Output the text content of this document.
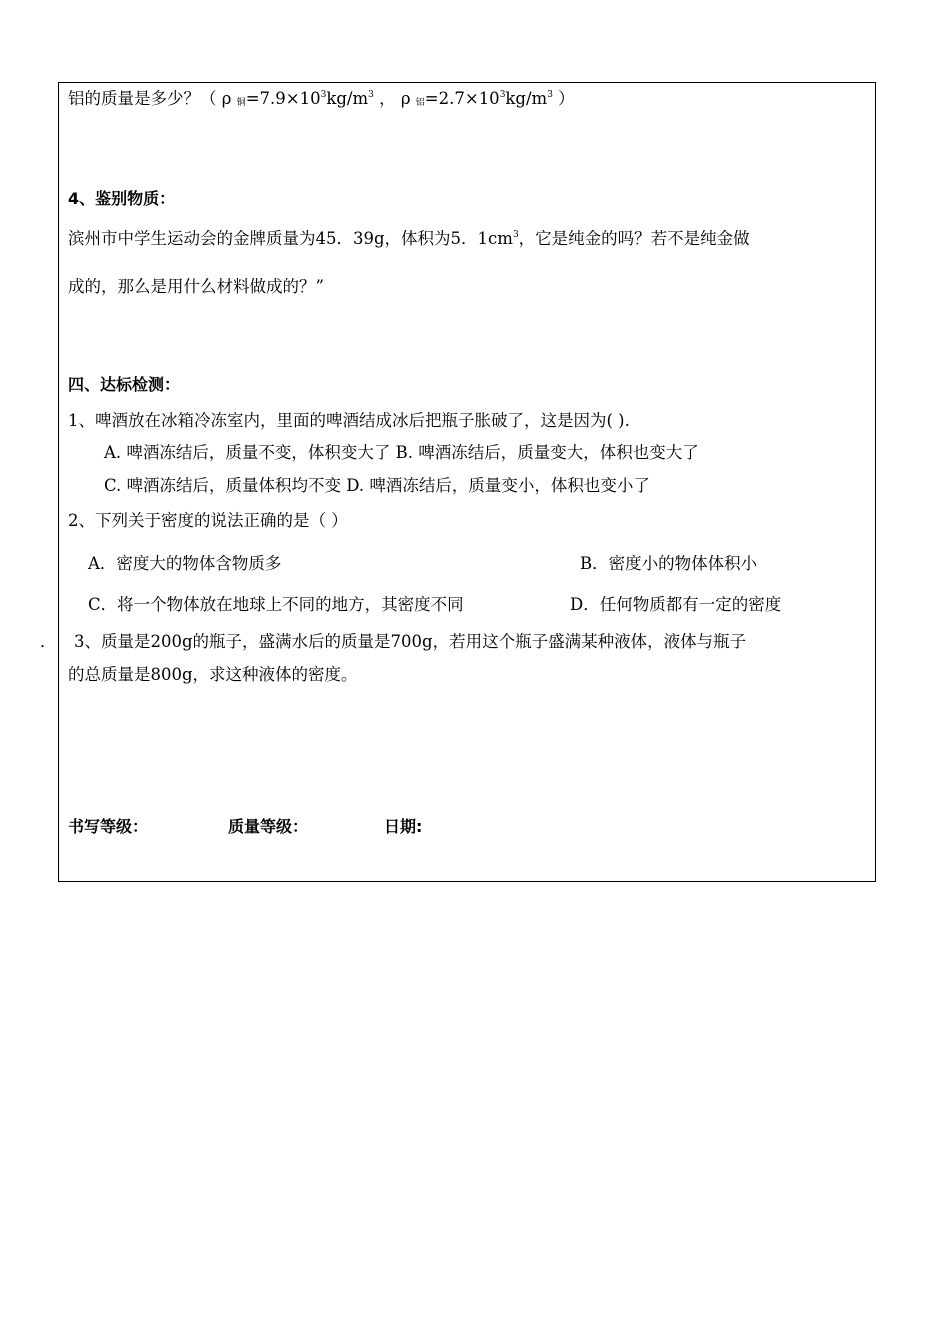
铝的质量是多少？（ ρ $_铜=7.9\times 10^3kg/m^3$ ， ρ $_铝=2.7\times 10^3kg/m^3$ ）
4、鉴别物质：
滨州市中学生运动会的金牌质量为45．39g，体积为5．$1cm^3$，它是纯金的吗？若不是纯金做
成的，那么是用什么材料做成的？”
四、达标检测：
1、啤酒放在冰箱冷冻室内，里面的啤酒结成冰后把瓶子胀破了，这是因为( ).
A. 啤酒冻结后，质量不变，体积变大了 B. 啤酒冻结后，质量变大，体积也变大了
C. 啤酒冻结后，质量体积均不变 D. 啤酒冻结后，质量变小，体积也变小了
2、下列关于密度的说法正确的是（ ）
A．密度大的物体含物质多	B．密度小的物体体积小
C．将一个物体放在地球上不同的地方，其密度不同	D．任何物质都有一定的密度
． 3、质量是200g的瓶子，盛满水后的质量是700g，若用这个瓶子盛满某种液体，液体与瓶子
的总质量是800g，求这种液体的密度。
书写等级：	质量等级：	日期:
